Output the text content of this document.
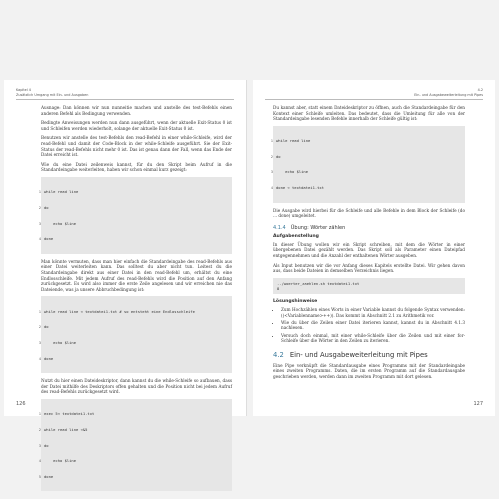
Kapitel 4
Zusätzlich Umgang mit Ein- und Ausgaben

Ausnage: Dan können wir nun nunneitie machen und anstelle des test-Befehls einen anderen Befehl als Bedingung verwenden.

Bedingte Anweisungen werden nun dann ausgeführt, wenn der aktuelle Exit-Status 0 ist und Schleifen werden wiederholt, solange der aktuelle Exit-Status 0 ist.

Benutzen wir anstelle des test-Befehls den read-Befehl in einer while-Schleife, wird der read-Befehl und damit der Code-Block in der while-Schleife ausgeführt. Sie der Exit-Status der read-Befehls nicht mehr 0 ist. Das ist genau dann der Fall, wenn das Ende der Datei erreicht ist.

Wie du eine Datei zeilenweis kannst, für du den Skript beim Aufruf in die Standardeingabe weiterleiten, haben wir schon einmal kurz gezeigt:

1 while read line

2 do

3 echo $line

4 done

Man könnte vermuten, dass man hier einfach die Standardeingabe des read-Befehls aus einer Datei weiterleiten kann. Das solltest du aber nicht tun. Leitest du die Standardeingabe direkt aus einer Datei in den read-Befehl um, erhältst du eine Endlosschleife. Mit jedem Aufruf des read-Befehls wird die Position auf den Anfang zurückgesetzt. Es wird also immer die erste Zeile angelesen und wir erreichen nie das Dateiende, was ja unsere Abbruchbedingung ist:

1 while read line < textdatei1.txt # so entsteht eine Endlosschleife

2 do

3 echo $line

4 done

Nutzt du hier einen Dateideskriptor, dann kannst du die while-Schleife so aufbauen, dass der Datei mithilfe des Deskriptors offen gehalten und die Position nicht bei jedem Aufruf des read-Befehls zurückgesetzt wird.

1 exec 5< textdatei1.txt

2 while read line <&5

3 do

4 echo $line

5 done

126
4.2
Ein- und Ausgabeweiterleitung mit Pipes

Du kannst aber, statt einem Dateideskriptor zu öffnen, auch die Standardeingabe für den Kontext einer Schleife umleiten. Das bedeutet, dass die Umleitung für alle von der Standardeingabe lesenden Befehle innerhalb der Schleife gültig ist:

1 while read line

2 do

3 echo $line

4 done < textdatei1.txt

Die Ausgabe wird hierbei für die Schleife und alle Befehle in dem Block der Schleife (do ... done) umgeleitet.

4.1.4 Übung: Wörter zählen
Aufgabenstellung

In dieser Übung wollen wir ein Skript schreiben, mit dem die Wörter in einer übergebenen Datei gezählt werden. Das Skript soll als Parameter einen Dateipfad entgegennehmen und die Anzahl der enthaltenen Wörter ausgeben.

Als Input benutzen wir die vor Anfang dieses Kapitels erstellte Datei. Wir gehen davon aus, dass beide Dateien in demselben Verzeichnis liegen.

../woerter_zaehlen.sh textdatei1.txt
8
Lösungshinweise
• Zum Hochzählen eines Worts in einer Variable kannst du folgende Syntax verwenden: ((<Variablenname>++)). Das kommt in Abschnitt 2.1 zu Arithmetik vor.
• Wie du über die Zeilen einer Datei iterieren kannst, kannst du in Abschnitt 4.1.3 nachlesen.
• Versuch doch einmal, mit einer while-Schleife über die Zeilen und mit einer for-Schleife über die Wörter in den Zeilen zu iterieren.
4.2 Ein- und Ausgabeweiterleitung mit Pipes

Eine Pipe verknüpft die Standardausgabe eines Programms mit der Standardeingabe eines zweiten Programms. Daten, die im ersten Programm auf die Standardausgabe geschrieben werden, werden dann im zweiten Programm mit dort gelesen.

127
